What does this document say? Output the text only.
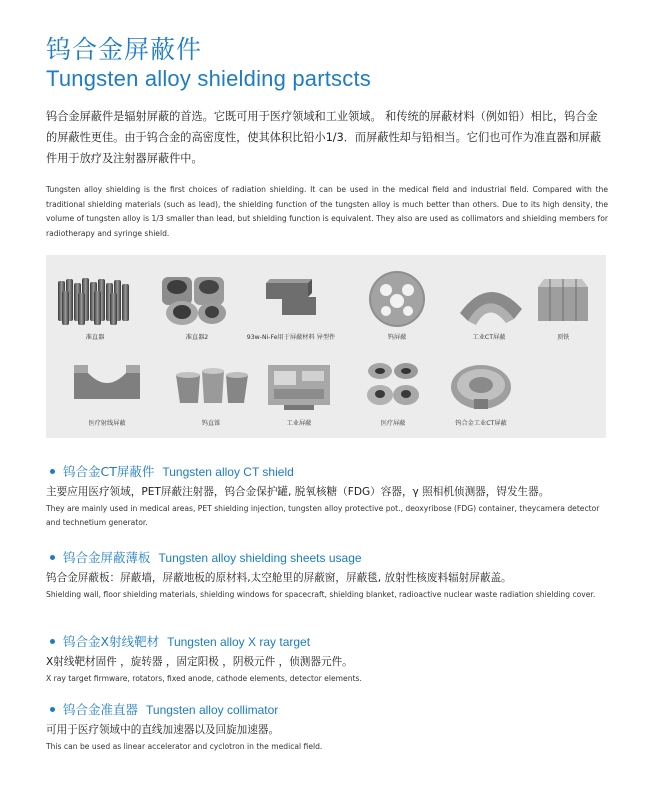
钨合金屏蔽件
Tungsten alloy shielding partscts

钨合金屏蔽件是辐射屏蔽的首选。它既可用于医疗领域和工业领域。 和传统的屏蔽材料（例如铅）相比，钨合金的屏蔽性更佳。由于钨合金的高密度性，使其体积比铅小1/3．而屏蔽性却与铅相当。它们也可作为准直器和屏蔽件用于放疗及注射器屏蔽件中。

Tungsten alloy shielding is the first choices of radiation shielding. It can be used in the medical field and industrial field. Compared with the traditional shielding materials (such as lead), the shielding function of the tungsten alloy is much better than others. Due to its high density, the volume of tungsten alloy is 1/3 smaller than lead, but shielding function is equivalent. They also are used as collimators and shielding members for radiotherapy and syringe shield.

准直器	准直器2	93w-Ni-Fe用于屏蔽材料 异型件	钨屏蔽	工业CT屏蔽	顶铁
医疗射线屏蔽	钨直锥	工业屏蔽	医疗屏蔽	钨合金工业CT屏蔽
钨合金CT屏蔽件 Tungsten alloy CT shield
主要应用医疗领域，PET屏蔽注射器，钨合金保护罐, 脱氧核糖（FDG）容器，γ 照相机侦测器，锝发生器。
They are mainly used in medical areas, PET shielding injection, tungsten alloy protective pot., deoxyribose (FDG) container, theycamera detector and technetium generator.
钨合金屏蔽薄板 Tungsten alloy shielding sheets usage
钨合金屏蔽板：屏蔽墙，屏蔽地板的原材料,太空舱里的屏蔽窗，屏蔽毯, 放射性核废料辐射屏蔽盖。
Shielding wall, floor shielding materials, shielding windows for spacecraft, shielding blanket, radioactive nuclear waste radiation shielding cover.
钨合金X射线靶材 Tungsten alloy X ray target
X射线靶材固件 ，旋转器 ，固定阳极 ，阴极元件 ，侦测器元件。
X ray target firmware, rotators, fixed anode, cathode elements, detector elements.
钨合金准直器 Tungsten alloy collimator
可用于医疗领域中的直线加速器以及回旋加速器。
This can be used as linear accelerator and cyclotron in the medical field.
